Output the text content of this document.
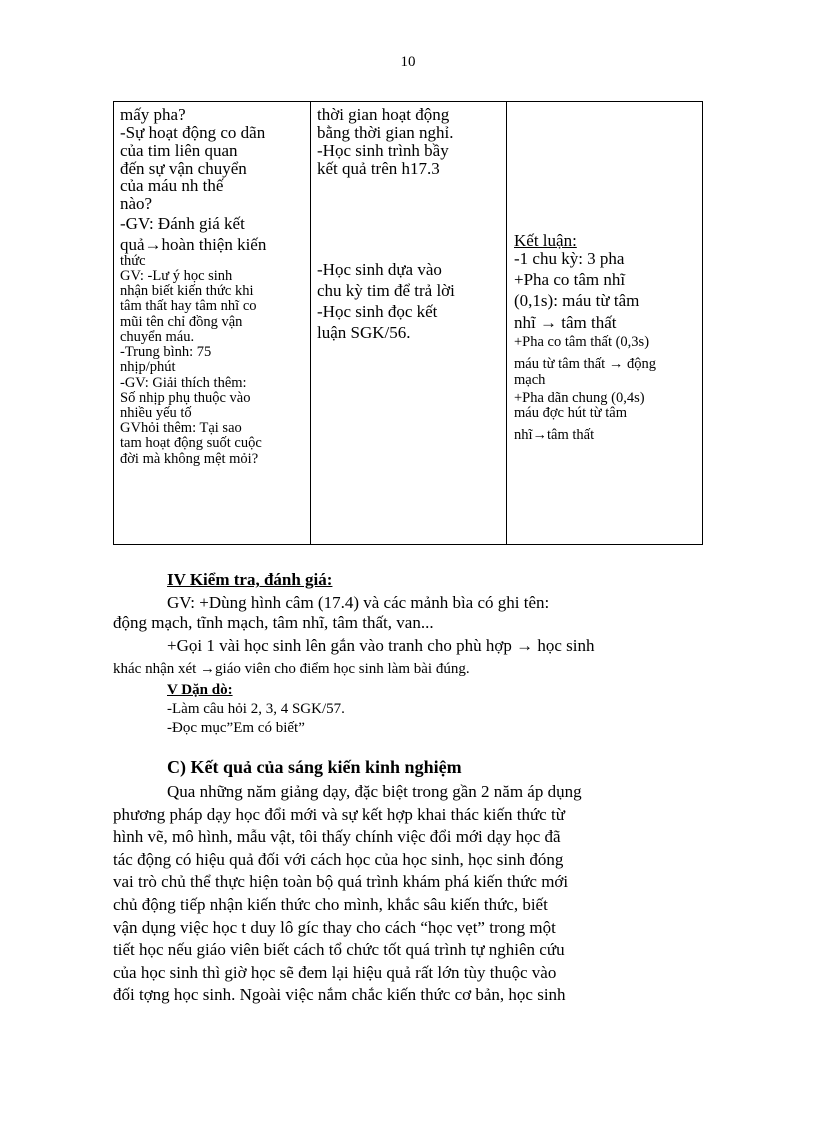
10
mấy pha?
-Sự hoạt động co dãn
của tim liên quan
đến sự vận chuyển
của máu nh thế
nào?
-GV: Đánh giá kết
quả→hoàn thiện kiến
thức
GV: -Lư ý học sinh
nhận biết kiến thức khi
tâm thất hay tâm nhĩ co
mũi tên chỉ đồng vận
chuyển máu.
-Trung bình: 75
nhịp/phút
-GV: Giải thích thêm:
Số nhịp phụ thuộc vào
nhiều yếu tố
GVhỏi thêm: Tại sao
tam hoạt động suốt cuộc
đời mà không mệt mỏi?
thời gian hoạt động
bằng thời gian nghỉ.
-Học sinh trình bầy
kết quả trên h17.3
-Học sinh dựa vào
chu kỳ tim để trả lời
-Học sinh đọc kết
luận SGK/56.
Kết luận:
-1 chu kỳ: 3 pha
+Pha co tâm nhĩ
(0,1s): máu từ tâm
nhĩ → tâm thất
+Pha co tâm thất (0,3s)
máu từ tâm thất → động
mạch
+Pha dãn chung (0,4s)
máu đợc hút từ tâm
nhĩ→tâm thất
IV Kiểm tra, đánh giá:
GV: +Dùng hình câm (17.4) và các mảnh bìa có ghi tên:
động mạch, tĩnh mạch, tâm nhĩ, tâm thất, van...
+Gọi 1 vài học sinh lên gắn vào tranh cho phù hợp → học sinh
khác nhận xét →giáo viên cho điểm học sinh làm bài đúng.
V Dặn dò:
-Làm câu hỏi 2, 3, 4 SGK/57.
-Đọc mục”Em có biết”
C) Kết quả của sáng kiến kinh nghiệm
Qua những năm giảng dạy, đặc biệt trong gần 2 năm áp dụng
phương pháp dạy học đổi mới và sự kết hợp khai thác kiến thức từ
hình vẽ, mô hình, mẫu vật, tôi thấy chính việc đổi mới dạy học đã
tác động có hiệu quả đối với cách học của học sinh, học sinh đóng
vai trò chủ thể thực hiện toàn bộ quá trình khám phá kiến thức mới
chủ động tiếp nhận kiến thức cho mình, khắc sâu kiến thức, biết
vận dụng việc học t duy lô gíc thay cho cách “học vẹt” trong một
tiết học nếu giáo viên biết cách tổ chức tốt quá trình tự nghiên cứu
của học sinh thì giờ học sẽ đem lại hiệu quả rất lớn tùy thuộc vào
đối tợng học sinh. Ngoài việc nắm chắc kiến thức cơ bản, học sinh
